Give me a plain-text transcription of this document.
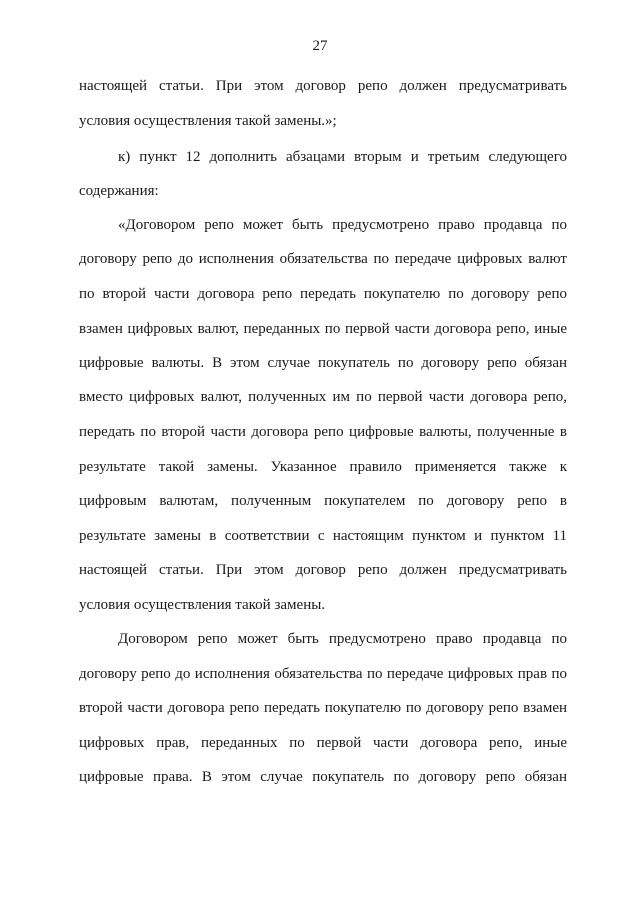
27
настоящей статьи. При этом договор репо должен предусматривать
условия осуществления такой замены.»;
к) пункт 12 дополнить абзацами вторым и третьим следующего
содержания:
«Договором репо может быть предусмотрено право продавца по
договору репо до исполнения обязательства по передаче цифровых валют
по второй части договора репо передать покупателю по договору репо
взамен цифровых валют, переданных по первой части договора репо, иные
цифровые валюты. В этом случае покупатель по договору репо обязан
вместо цифровых валют, полученных им по первой части договора репо,
передать по второй части договора репо цифровые валюты, полученные в
результате такой замены. Указанное правило применяется также к
цифровым валютам, полученным покупателем по договору репо в
результате замены в соответствии с настоящим пунктом и пунктом 11
настоящей статьи. При этом договор репо должен предусматривать
условия осуществления такой замены.
Договором репо может быть предусмотрено право продавца по
договору репо до исполнения обязательства по передаче цифровых прав по
второй части договора репо передать покупателю по договору репо взамен
цифровых прав, переданных по первой части договора репо, иные
цифровые права. В этом случае покупатель по договору репо обязан
